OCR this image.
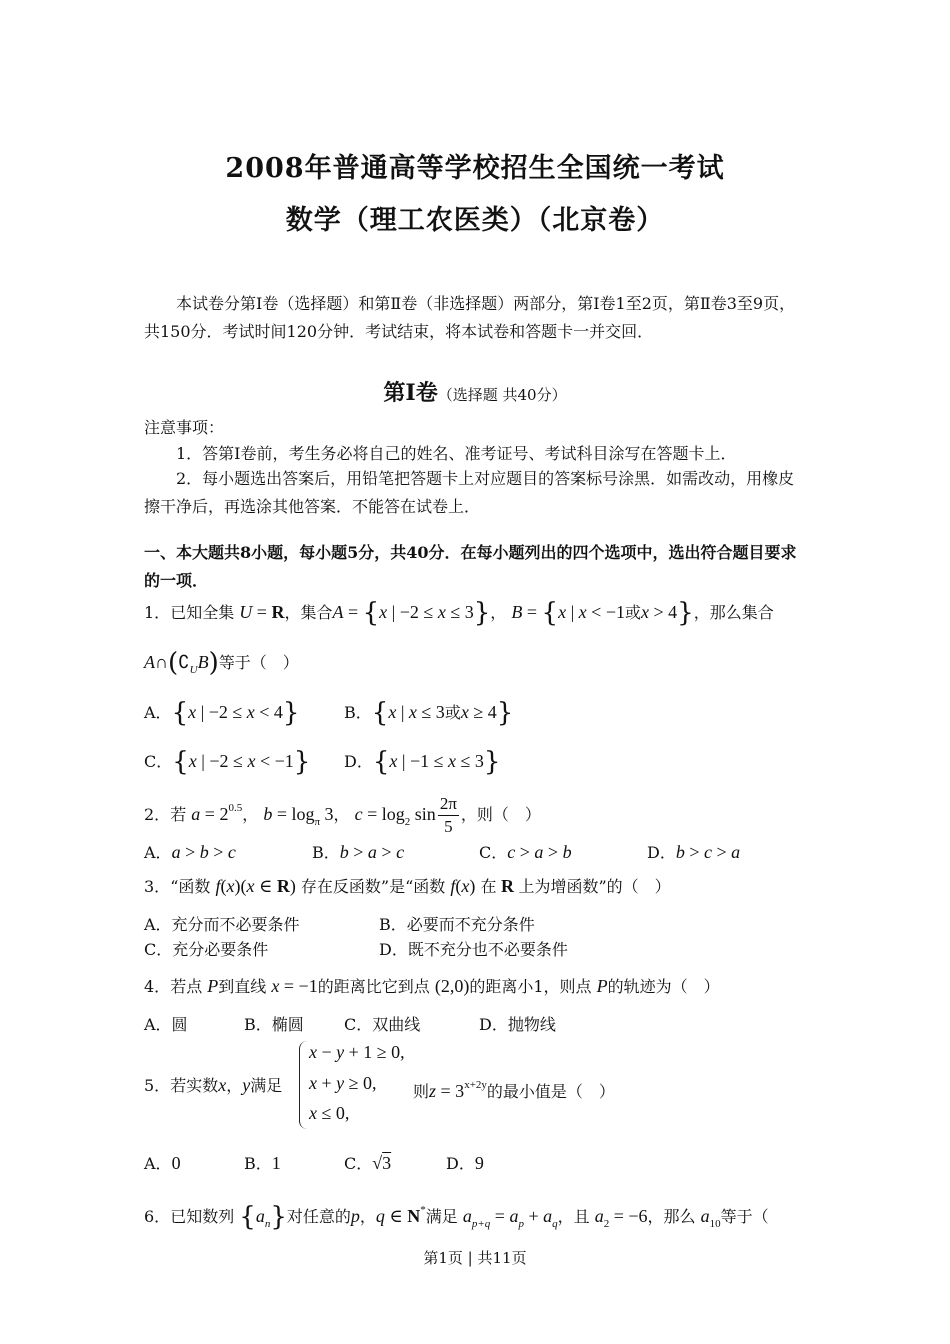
2008年普通高等学校招生全国统一考试
数学（理工农医类）（北京卷）
本试卷分第Ⅰ卷（选择题）和第Ⅱ卷（非选择题）两部分，第Ⅰ卷1至2页，第Ⅱ卷3至9页，共150分．考试时间120分钟．考试结束，将本试卷和答题卡一并交回．
第Ⅰ卷（选择题 共40分）
注意事项：
1．答第Ⅰ卷前，考生务必将自己的姓名、准考证号、考试科目涂写在答题卡上．
2．每小题选出答案后，用铅笔把答题卡上对应题目的答案标号涂黑．如需改动，用橡皮擦干净后，再选涂其他答案．不能答在试卷上．
一、本大题共8小题，每小题5分，共40分．在每小题列出的四个选项中，选出符合题目要求的一项．
1．已知全集 U = R，集合A = {x | −2 ≤ x ≤ 3}， B = {x | x < −1或x > 4}，那么集合
$A\cap(∁_UB)$等于（　）
A．{x | −2 ≤ x < 4}	B．{x | x ≤ 3或x ≥ 4}
C．{x | −2 ≤ x < −1} D．{x | −1 ≤ x ≤ 3}
2．若 $a = 2^{0.5}$， $b = \log_\pi 3$， $c = \log_2 \sin \frac{2\pi}{5}$ ，则（　）
A．a > b > c	B．b > a > c	C．c > a > b	D．b > c > a
3．“函数 f(x)(x ∈ R) 存在反函数”是“函数 f(x) 在 R 上为增函数”的（　）
A．充分而不必要条件	B．必要而不充分条件
C．充分必要条件	D．既不充分也不必要条件
4．若点 P到直线 x = −1的距离比它到点 (2,0)的距离小1，则点 P的轨迹为（　）
A．圆	B．椭圆	C．双曲线	D．抛物线
5．若实数x，y满足
x − y + 1 ≥ 0,
x + y ≥ 0, 则$z = 3^{x+2y}$的最小值是（　）
x ≤ 0,
A．0	B．1	C．√3	D．9
6．已知数列 $\{a_n\}$对任意的p，q ∈ N*满足 $a_{p+q} = a_p + a_q$，且 $a_2 = -6$，那么 $a_{10}$等于（
第1页 | 共11页
